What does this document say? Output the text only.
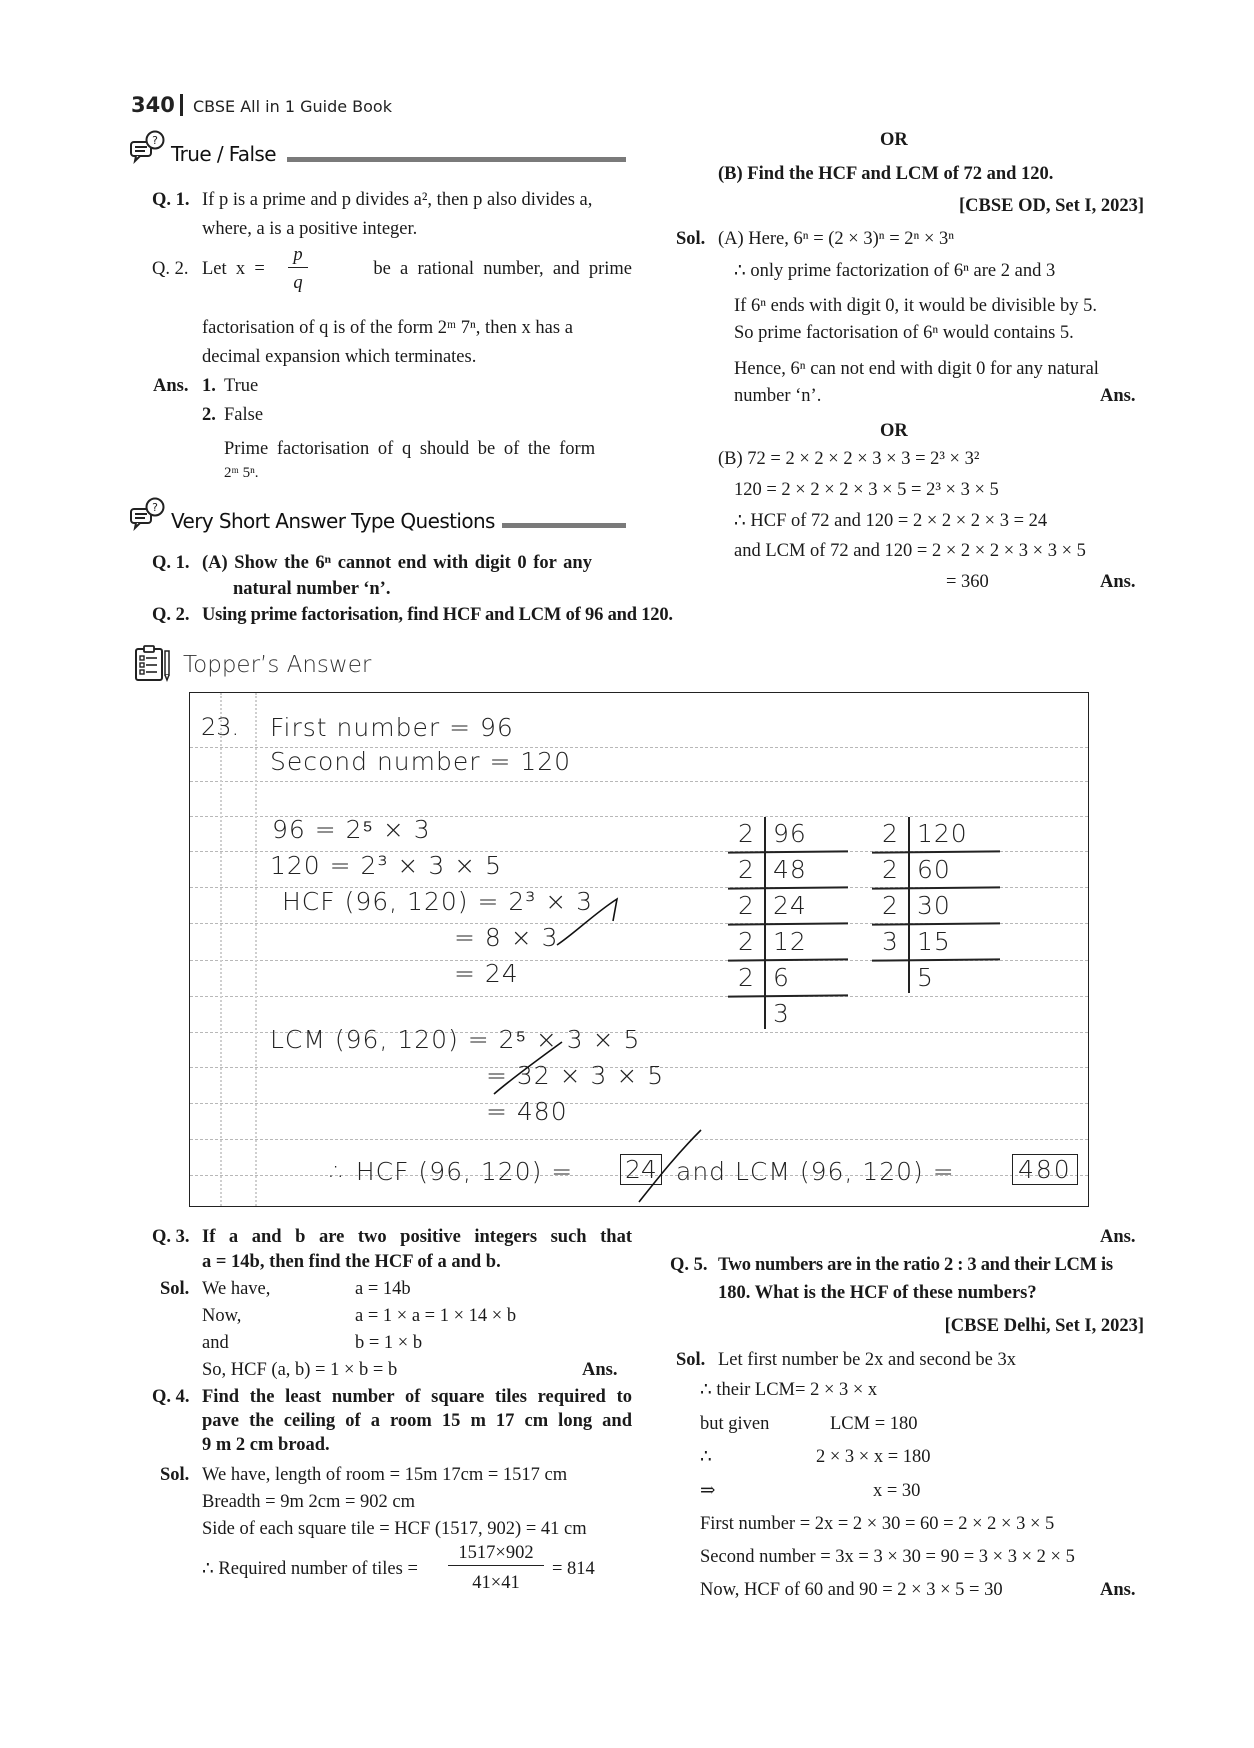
340 CBSE All in 1 Guide Book
?
True / False
Q. 1. If p is a prime and p divides a², then p also divides a,
where, a is a positive integer.
Q. 2. Let  x  =
p
q
be  a  rational  number,  and  prime
factorisation of q is of the form 2ᵐ 7ⁿ, then x has a
decimal expansion which terminates.
Ans. 1. True
2. False
Prime factorisation of q should be of the form
2ᵐ 5ⁿ.
?
Very Short Answer Type Questions
Q. 1. (A) Show the 6ⁿ cannot end with digit 0 for any
natural number ‘n’.
Q. 2. Using prime factorisation, find HCF and LCM of 96 and 120.
OR
(B) Find the HCF and LCM of 72 and 120.
[CBSE OD, Set I, 2023]
Sol. (A) Here, 6ⁿ = (2 × 3)ⁿ = 2ⁿ × 3ⁿ
∴ only prime factorization of 6ⁿ are 2 and 3
If 6ⁿ ends with digit 0, it would be divisible by 5.
So prime factorisation of 6ⁿ would contains 5.
Hence, 6ⁿ can not end with digit 0 for any natural
number ‘n’.	Ans.
OR
(B) 72 = 2 × 2 × 2 × 3 × 3 = 2³ × 3²
120 = 2 × 2 × 2 × 3 × 5 = 2³ × 3 × 5
∴ HCF of 72 and 120 = 2 × 2 × 2 × 3 = 24
and LCM of 72 and 120 = 2 × 2 × 2 × 3 × 3 × 5
= 360	Ans.
Topper’s Answer
23. First number = 96
Second number = 120
96 = 2⁵ × 3
120 = 2³ × 3 × 5
HCF (96, 120) = 2³ × 3
= 8 × 3
= 24
LCM (96, 120) = 2⁵ × 3 × 5
= 32 × 3 × 5
= 480
∴ HCF (96, 120) = 24 and LCM (96, 120) =	480
2 96
2 48
2 24
2 12
2 6
3
2 120
2 60
2 30
3 15
5
Q. 3. If a and b are two positive integers such that
a = 14b, then find the HCF of a and b.
Sol. We have,	a = 14b
Now,	a = 1 × a = 1 × 14 × b
and	b = 1 × b
So, HCF (a, b) = 1 × b = b	Ans.
Q. 4. Find the least number of square tiles required to
pave the ceiling of a room 15 m 17 cm long and
9 m 2 cm broad.
Sol. We have, length of room = 15m 17cm = 1517 cm
Breadth = 9m 2cm = 902 cm
Side of each square tile = HCF (1517, 902) = 41 cm
∴ Required number of tiles =
1517×902
41×41
= 814
Ans.
Q. 5. Two numbers are in the ratio 2 : 3 and their LCM is
180. What is the HCF of these numbers?
[CBSE Delhi, Set I, 2023]
Sol. Let first number be 2x and second be 3x
∴ their LCM= 2 × 3 × x
but given	LCM = 180
∴	2 × 3 × x = 180
⇒	x = 30
First number = 2x = 2 × 30 = 60 = 2 × 2 × 3 × 5
Second number = 3x = 3 × 30 = 90 = 3 × 3 × 2 × 5
Now, HCF of 60 and 90 = 2 × 3 × 5 = 30	Ans.
